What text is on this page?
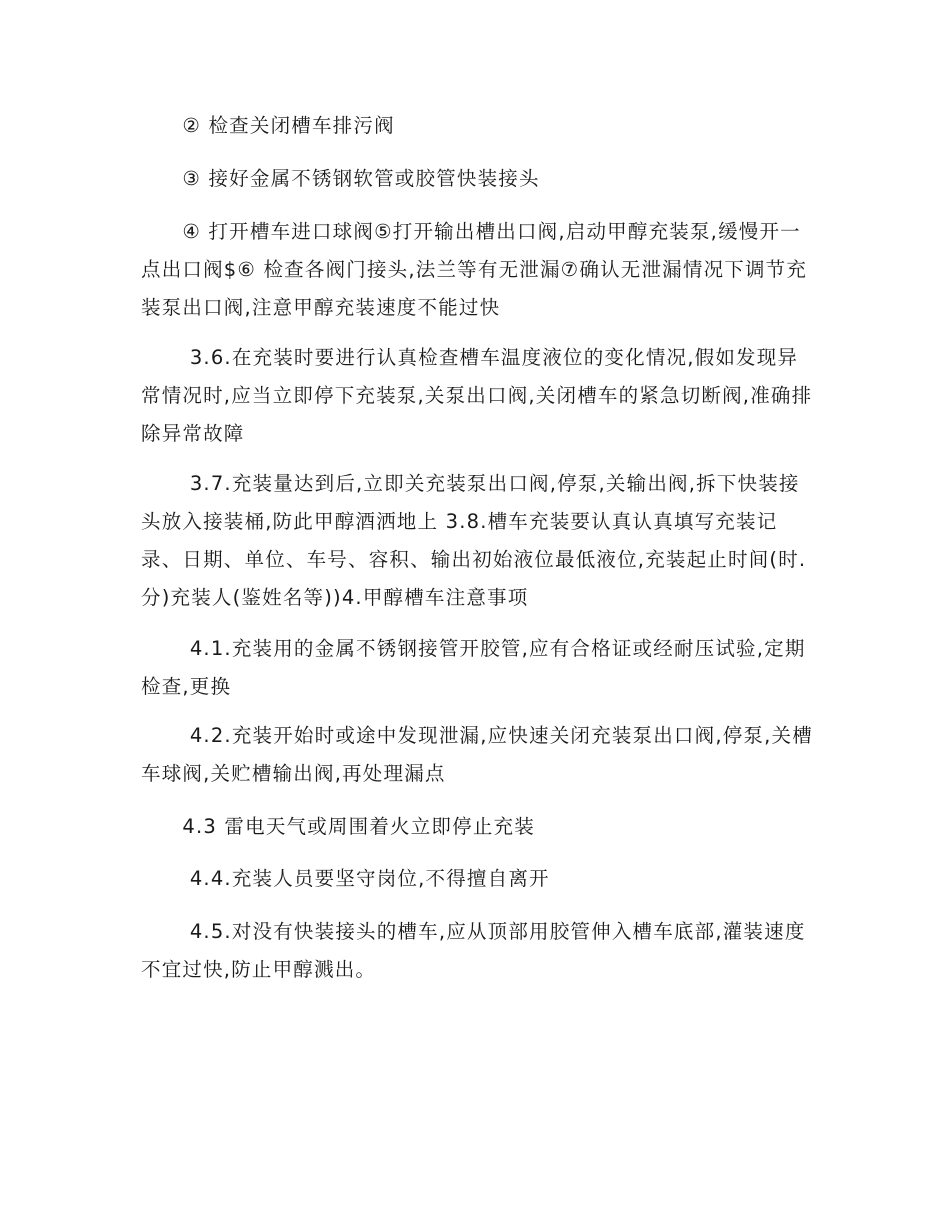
　　② 检查关闭槽车排污阀

　　③ 接好金属不锈钢软管或胶管快装接头

　　④ 打开槽车进口球阀⑤打开输出槽出口阀,启动甲醇充装泵,缓慢开一点出口阀$⑥ 检查各阀门接头,法兰等有无泄漏⑦确认无泄漏情况下调节充装泵出口阀,注意甲醇充装速度不能过快

　　 3.6.在充装时要进行认真检查槽车温度液位的变化情况,假如发现异常情况时,应当立即停下充装泵,关泵出口阀,关闭槽车的紧急切断阀,准确排除异常故障

　　 3.7.充装量达到后,立即关充装泵出口阀,停泵,关输出阀,拆下快装接头放入接装桶,防此甲醇酒洒地上 3.8.槽车充装要认真认真填写充装记录、日期、单位、车号、容积、输出初始液位最低液位,充装起止时间(时.分)充装人(鉴姓名等))4.甲醇槽车注意事项

　　 4.1.充装用的金属不锈钢接管开胶管,应有合格证或经耐压试验,定期检查,更换

　　 4.2.充装开始时或途中发现泄漏,应快速关闭充装泵出口阀,停泵,关槽车球阀,关贮槽输出阀,再处理漏点

　　4.3 雷电天气或周围着火立即停止充装

　　 4.4.充装人员要坚守岗位,不得擅自离开

　　 4.5.对没有快装接头的槽车,应从顶部用胶管伸入槽车底部,灌装速度不宜过快,防止甲醇溅出。
